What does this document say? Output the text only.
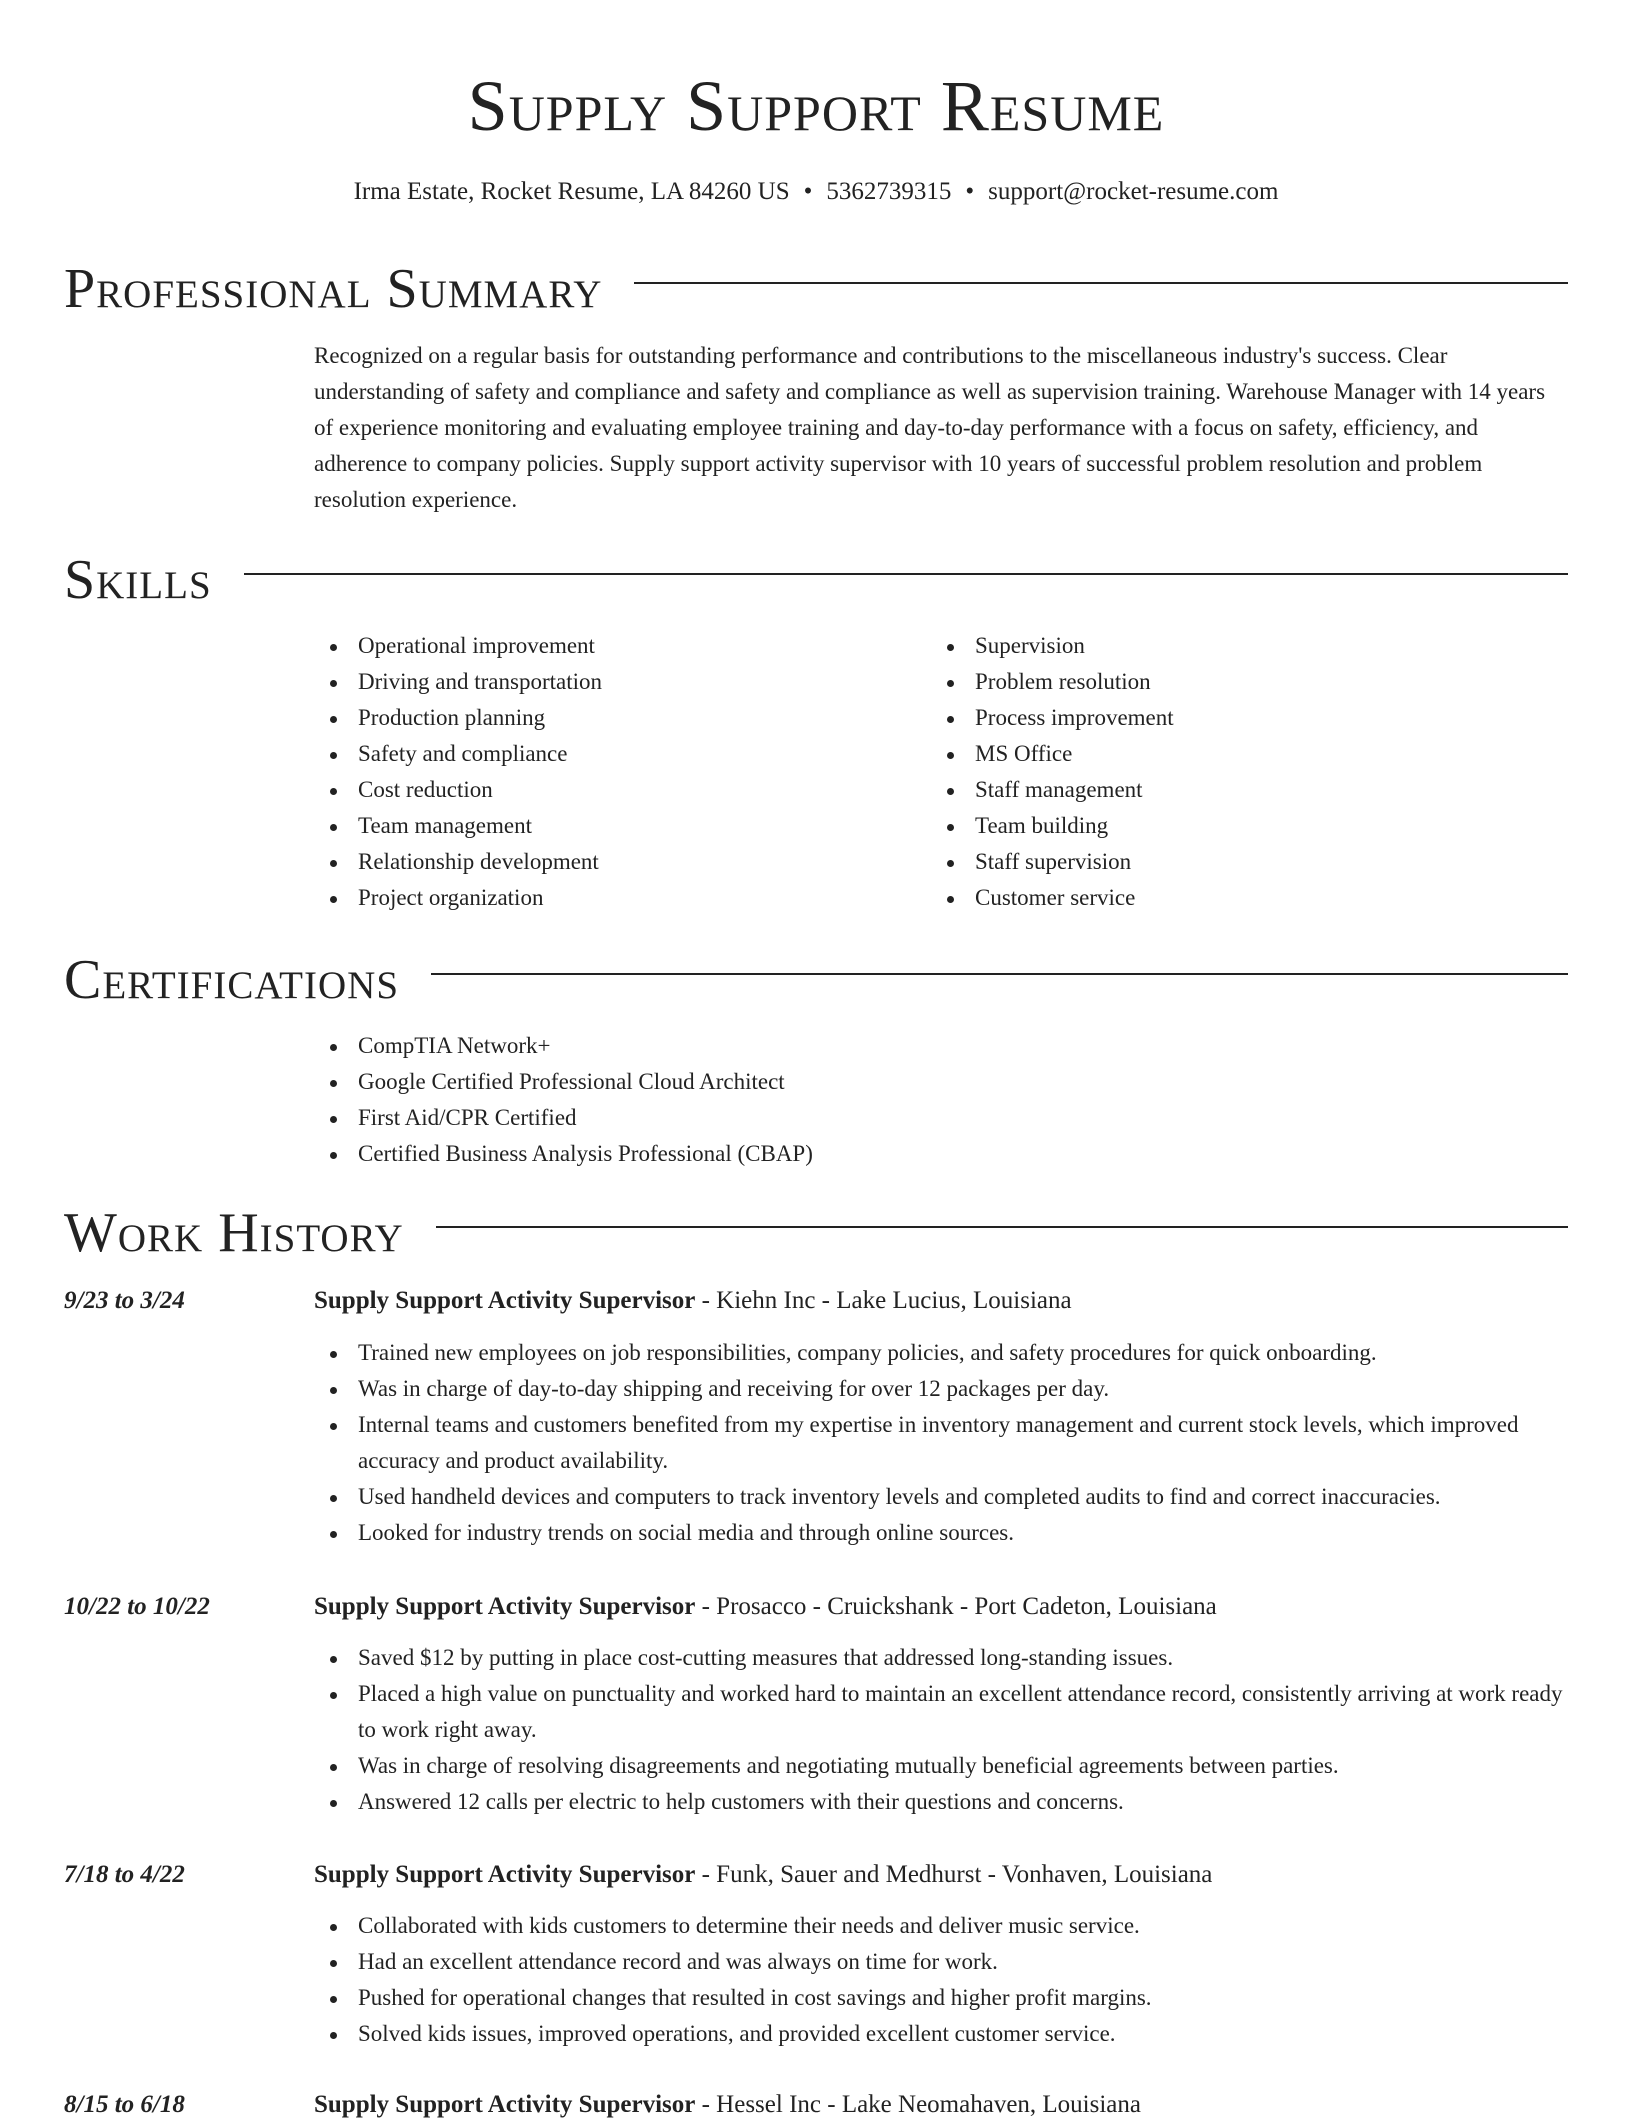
Supply Support Resume
Irma Estate, Rocket Resume, LA 84260 US • 5362739315 • support@rocket-resume.com
Professional Summary
Recognized on a regular basis for outstanding performance and contributions to the miscellaneous industry's success. Clear understanding of safety and compliance and safety and compliance as well as supervision training. Warehouse Manager with 14 years of experience monitoring and evaluating employee training and day-to-day performance with a focus on safety, efficiency, and adherence to company policies. Supply support activity supervisor with 10 years of successful problem resolution and problem resolution experience.
Skills
Operational improvement
Driving and transportation
Production planning
Safety and compliance
Cost reduction
Team management
Relationship development
Project organization
Supervision
Problem resolution
Process improvement
MS Office
Staff management
Team building
Staff supervision
Customer service
Certifications
CompTIA Network+
Google Certified Professional Cloud Architect
First Aid/CPR Certified
Certified Business Analysis Professional (CBAP)
Work History
9/23 to 3/24	Supply Support Activity Supervisor - Kiehn Inc - Lake Lucius, Louisiana
Trained new employees on job responsibilities, company policies, and safety procedures for quick onboarding.
Was in charge of day-to-day shipping and receiving for over 12 packages per day.
Internal teams and customers benefited from my expertise in inventory management and current stock levels, which improved accuracy and product availability.
Used handheld devices and computers to track inventory levels and completed audits to find and correct inaccuracies.
Looked for industry trends on social media and through online sources.
10/22 to 10/22	Supply Support Activity Supervisor - Prosacco - Cruickshank - Port Cadeton, Louisiana
Saved $12 by putting in place cost-cutting measures that addressed long-standing issues.
Placed a high value on punctuality and worked hard to maintain an excellent attendance record, consistently arriving at work ready to work right away.
Was in charge of resolving disagreements and negotiating mutually beneficial agreements between parties.
Answered 12 calls per electric to help customers with their questions and concerns.
7/18 to 4/22	Supply Support Activity Supervisor - Funk, Sauer and Medhurst - Vonhaven, Louisiana
Collaborated with kids customers to determine their needs and deliver music service.
Had an excellent attendance record and was always on time for work.
Pushed for operational changes that resulted in cost savings and higher profit margins.
Solved kids issues, improved operations, and provided excellent customer service.
8/15 to 6/18	Supply Support Activity Supervisor - Hessel Inc - Lake Neomahaven, Louisiana
